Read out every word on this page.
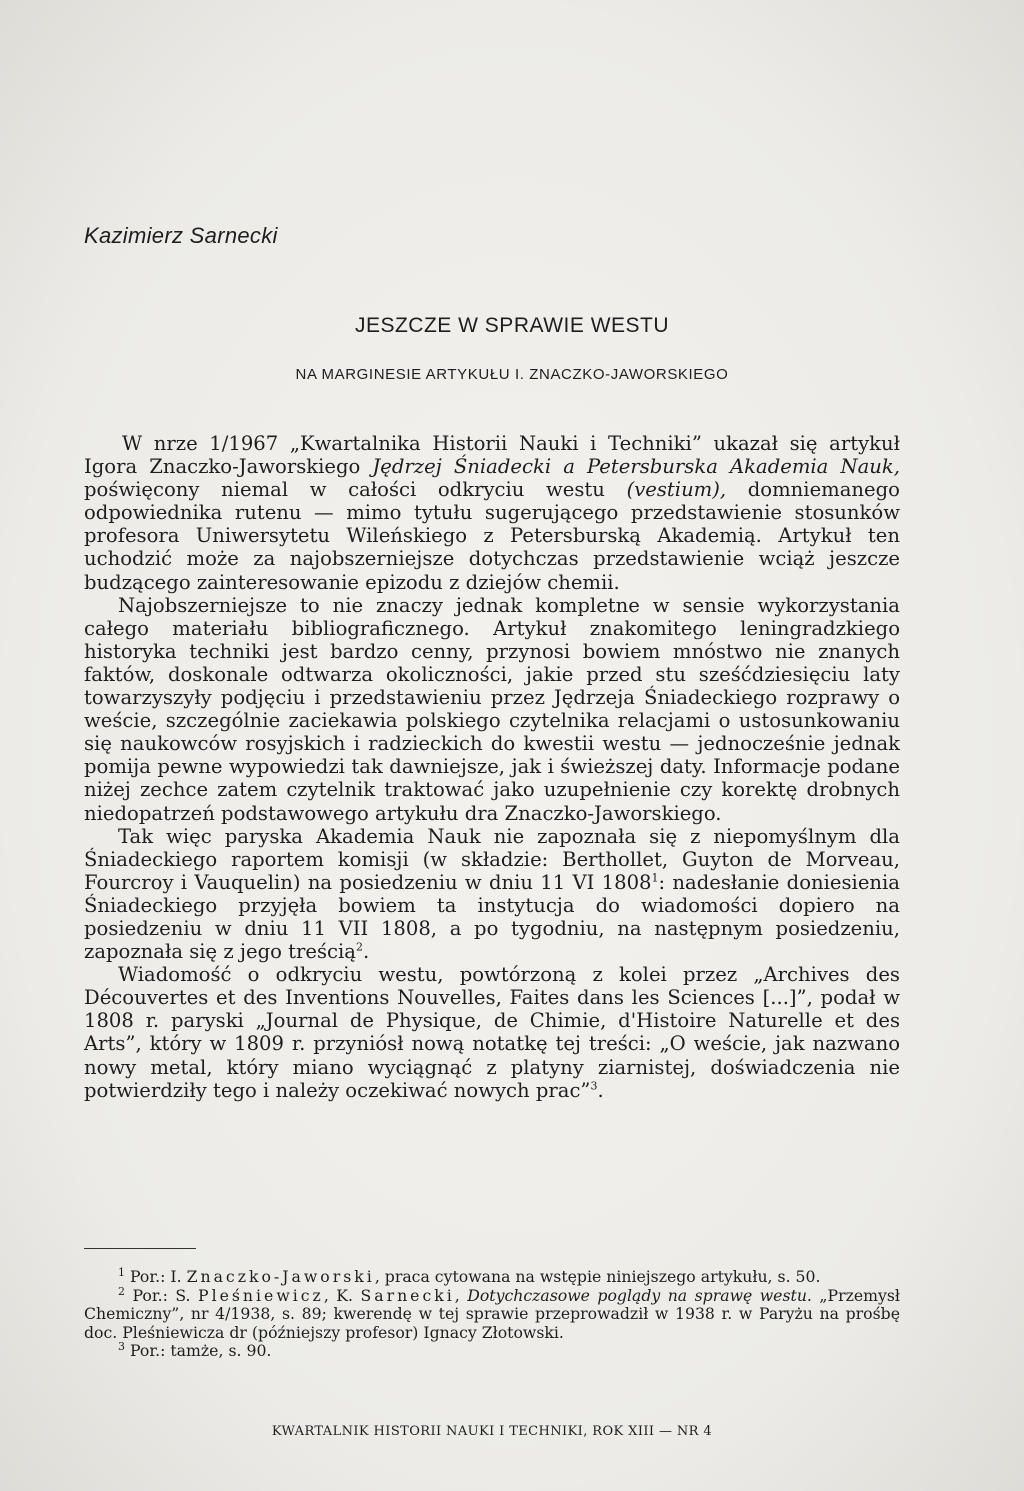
Kazimierz Sarnecki
JESZCZE W SPRAWIE WESTU
NA MARGINESIE ARTYKUŁU I. ZNACZKO-JAWORSKIEGO

W nrze 1/1967 „Kwartalnika Historii Nauki i Techniki” ukazał się artykuł Igora Znaczko-Jaworskiego Jędrzej Śniadecki a Petersburska Akademia Nauk, poświęcony niemal w całości odkryciu westu (vestium), domniemanego odpowiednika rutenu — mimo tytułu sugerującego przedstawienie stosunków profesora Uniwersytetu Wileńskiego z Petersburską Akademią. Artykuł ten uchodzić może za najobszerniejsze dotychczas przedstawienie wciąż jeszcze budzącego zainteresowanie epizodu z dziejów chemii.

Najobszerniejsze to nie znaczy jednak kompletne w sensie wykorzystania całego materiału bibliograficznego. Artykuł znakomitego leningradzkiego historyka techniki jest bardzo cenny, przynosi bowiem mnóstwo nie znanych faktów, doskonale odtwarza okoliczności, jakie przed stu sześćdziesięciu laty towarzyszyły podjęciu i przedstawieniu przez Jędrzeja Śniadeckiego rozprawy o weście, szczególnie zaciekawia polskiego czytelnika relacjami o ustosunkowaniu się naukowców rosyjskich i radzieckich do kwestii westu — jednocześnie jednak pomija pewne wypowiedzi tak dawniejsze, jak i świeższej daty. Informacje podane niżej zechce zatem czytelnik traktować jako uzupełnienie czy korektę drobnych niedopatrzeń podstawowego artykułu dra Znaczko-Jaworskiego.

Tak więc paryska Akademia Nauk nie zapoznała się z niepomyślnym dla Śniadeckiego raportem komisji (w składzie: Berthollet, Guyton de Morveau, Fourcroy i Vauquelin) na posiedzeniu w dniu 11 VI 1808$^1$: nadesłanie doniesienia Śniadeckiego przyjęła bowiem ta instytucja do wiadomości dopiero na posiedzeniu w dniu 11 VII 1808, a po tygodniu, na następnym posiedzeniu, zapoznała się z jego treścią$^2$.

Wiadomość o odkryciu westu, powtórzoną z kolei przez „Archives des Découvertes et des Inventions Nouvelles, Faites dans les Sciences [...]”, podał w 1808 r. paryski „Journal de Physique, de Chimie, d'Histoire Naturelle et des Arts”, który w 1809 r. przyniósł nową notatkę tej treści: „O weście, jak nazwano nowy metal, który miano wyciągnąć z platyny ziarnistej, doświadczenia nie potwierdziły tego i należy oczekiwać nowych prac”$^3$.

$^1$ Por.: I. Znaczko-Jaworski, praca cytowana na wstępie niniejszego artykułu, s. 50.

$^2$ Por.: S. Pleśniewicz, K. Sarnecki, Dotychczasowe poglądy na sprawę westu. „Przemysł Chemiczny”, nr 4/1938, s. 89; kwerendę w tej sprawie przeprowadził w 1938 r. w Paryżu na prośbę doc. Pleśniewicza dr (późniejszy profesor) Ignacy Złotowski.

$^3$ Por.: tamże, s. 90.

KWARTALNIK HISTORII NAUKI I TECHNIKI, ROK XIII — NR 4
